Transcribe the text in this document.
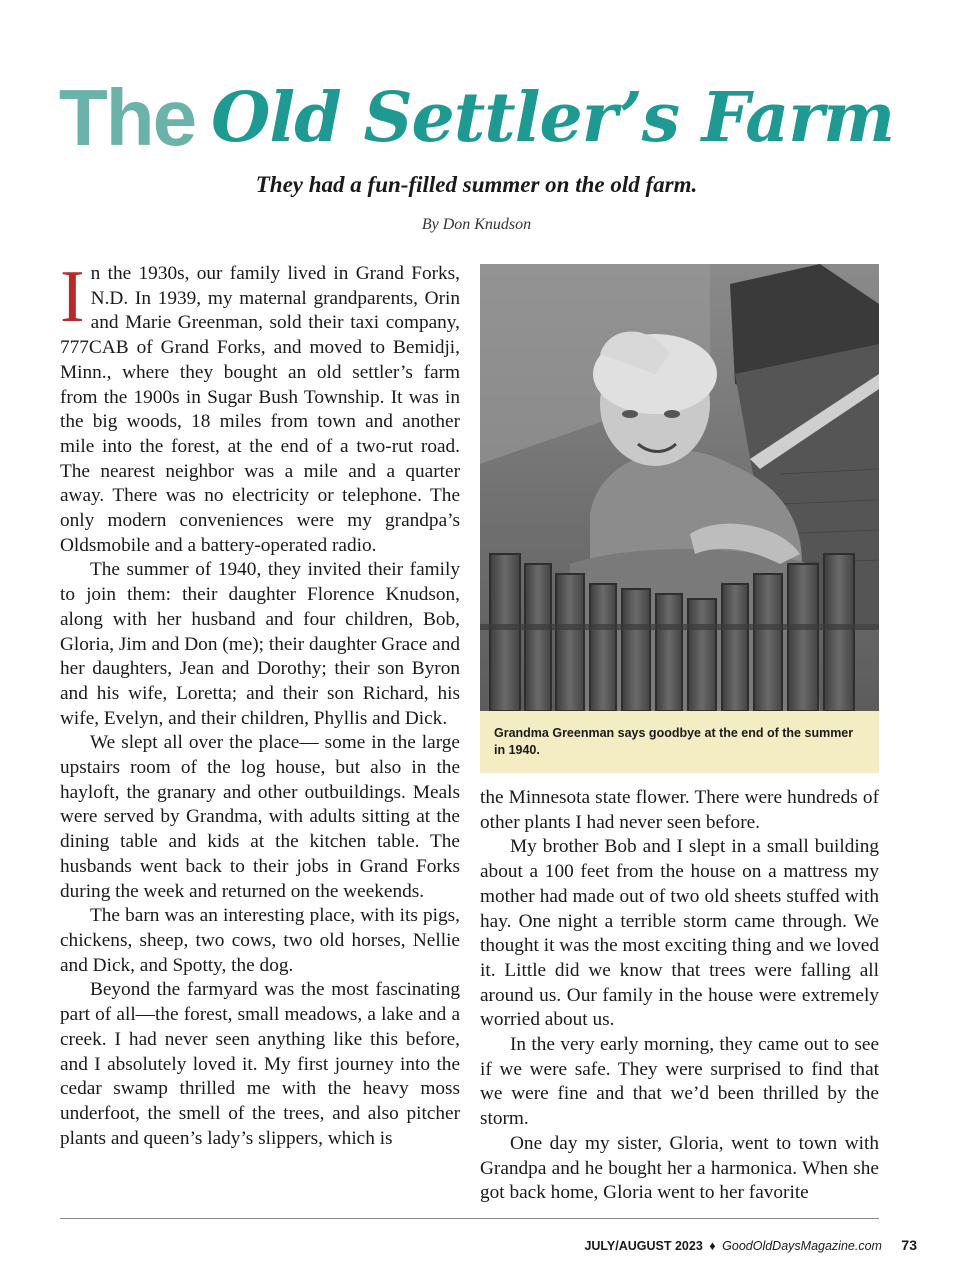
The Old Settler’s Farm
They had a fun-filled summer on the old farm.
By Don Knudson

In the 1930s, our family lived in Grand Forks, N.D. In 1939, my maternal grandparents, Orin and Marie Greenman, sold their taxi company, 777CAB of Grand Forks, and moved to Bemidji, Minn., where they bought an old settler’s farm from the 1900s in Sugar Bush Township. It was in the big woods, 18 miles from town and another mile into the forest, at the end of a two-rut road. The nearest neighbor was a mile and a quarter away. There was no electricity or telephone. The only modern conveniences were my grandpa’s Oldsmobile and a battery-operated radio.

The summer of 1940, they invited their family to join them: their daughter Florence Knudson, along with her husband and four children, Bob, Gloria, Jim and Don (me); their daughter Grace and her daughters, Jean and Dorothy; their son Byron and his wife, Loretta; and their son Richard, his wife, Evelyn, and their children, Phyllis and Dick.

We slept all over the place— some in the large upstairs room of the log house, but also in the hayloft, the granary and other outbuildings. Meals were served by Grandma, with adults sitting at the dining table and kids at the kitchen table. The husbands went back to their jobs in Grand Forks during the week and returned on the weekends.

The barn was an interesting place, with its pigs, chickens, sheep, two cows, two old horses, Nellie and Dick, and Spotty, the dog.

Beyond the farmyard was the most fascinating part of all—the forest, small meadows, a lake and a creek. I had never seen anything like this before, and I absolutely loved it. My first journey into the cedar swamp thrilled me with the heavy moss underfoot, the smell of the trees, and also pitcher plants and queen’s lady’s slippers, which is

Grandma Greenman says goodbye at the end of the summer in 1940.

the Minnesota state flower. There were hundreds of other plants I had never seen before.

My brother Bob and I slept in a small building about a 100 feet from the house on a mattress my mother had made out of two old sheets stuffed with hay. One night a terrible storm came through. We thought it was the most exciting thing and we loved it. Little did we know that trees were falling all around us. Our family in the house were extremely worried about us.

In the very early morning, they came out to see if we were safe. They were surprised to find that we were fine and that we’d been thrilled by the storm.

One day my sister, Gloria, went to town with Grandpa and he bought her a harmonica. When she got back home, Gloria went to her favorite

JULY/AUGUST 2023 ♦ GoodOldDaysMagazine.com 73
